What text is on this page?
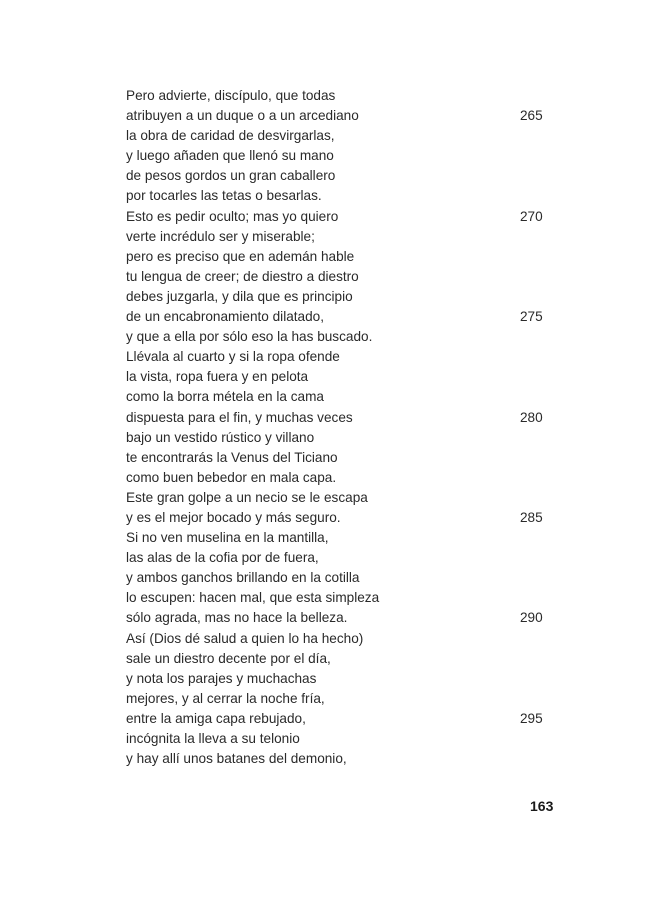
Pero advierte, discípulo, que todas
atribuyen a un duque o a un arcediano	265
la obra de caridad de desvirgarlas,
y luego añaden que llenó su mano
de pesos gordos un gran caballero
por tocarles las tetas o besarlas.
Esto es pedir oculto; mas yo quiero	270
verte incrédulo ser y miserable;
pero es preciso que en ademán hable
tu lengua de creer; de diestro a diestro
debes juzgarla, y dila que es principio
de un encabronamiento dilatado,	275
y que a ella por sólo eso la has buscado.
Llévala al cuarto y si la ropa ofende
la vista, ropa fuera y en pelota
como la borra métela en la cama
dispuesta para el fin, y muchas veces	280
bajo un vestido rústico y villano
te encontrarás la Venus del Ticiano
como buen bebedor en mala capa.
Este gran golpe a un necio se le escapa
y es el mejor bocado y más seguro.	285
Si no ven muselina en la mantilla,
las alas de la cofia por de fuera,
y ambos ganchos brillando en la cotilla
lo escupen: hacen mal, que esta simpleza
sólo agrada, mas no hace la belleza.	290
Así (Dios dé salud a quien lo ha hecho)
sale un diestro decente por el día,
y nota los parajes y muchachas
mejores, y al cerrar la noche fría,
entre la amiga capa rebujado,	295
incógnita la lleva a su telonio
y hay allí unos batanes del demonio,
163
